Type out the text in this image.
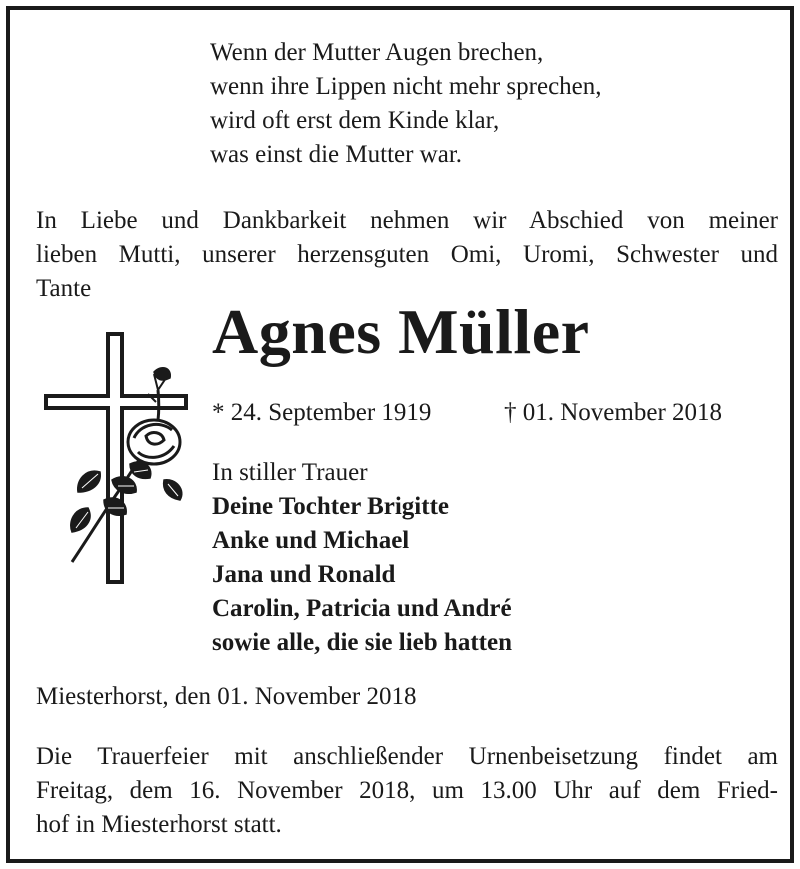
Wenn der Mutter Augen brechen,
wenn ihre Lippen nicht mehr sprechen,
wird oft erst dem Kinde klar,
was einst die Mutter war.
In Liebe und Dankbarkeit nehmen wir Abschied von meiner
lieben Mutti, unserer herzensguten Omi, Uromi, Schwester und
Tante
Agnes Müller
* 24. September 1919	† 01. November 2018
In stiller Trauer
Deine Tochter Brigitte
Anke und Michael
Jana und Ronald
Carolin, Patricia und André
sowie alle, die sie lieb hatten
Miesterhorst, den 01. November 2018
Die Trauerfeier mit anschließender Urnenbeisetzung findet am
Freitag, dem 16. November 2018, um 13.00 Uhr auf dem Fried-
hof in Miesterhorst statt.
